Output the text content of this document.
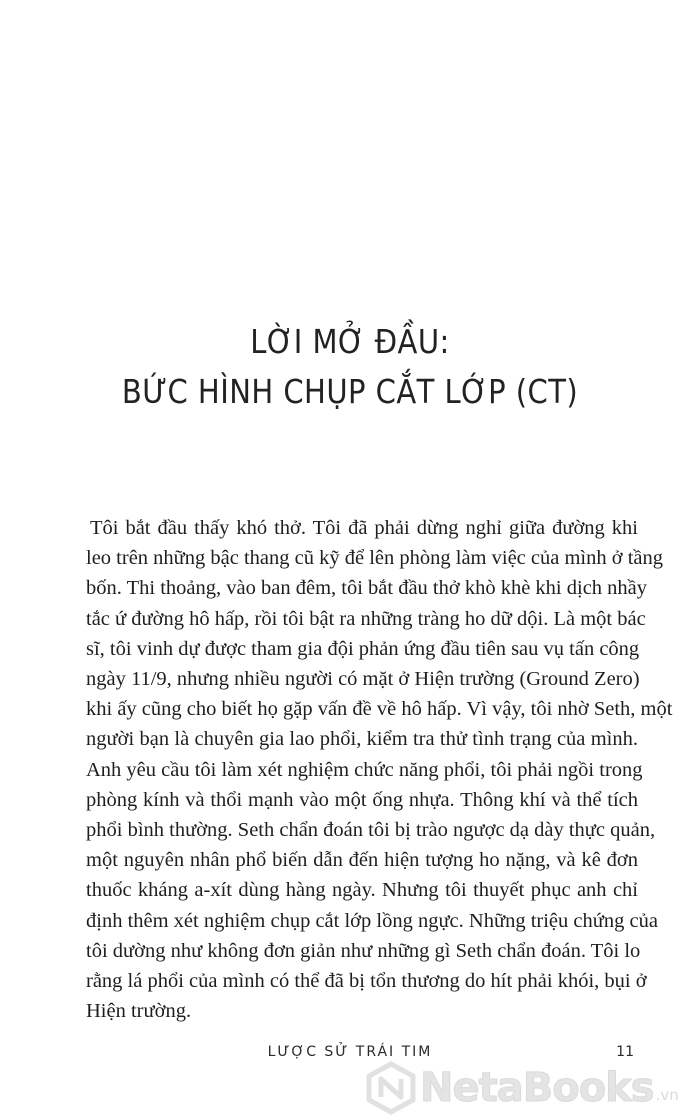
LỜI MỞ ĐẦU:
BỨC HÌNH CHỤP CẮT LỚP (CT)
Tôi bắt đầu thấy khó thở. Tôi đã phải dừng nghỉ giữa đường khi
leo trên những bậc thang cũ kỹ để lên phòng làm việc của mình ở tầng
bốn. Thi thoảng, vào ban đêm, tôi bắt đầu thở khò khè khi dịch nhầy
tắc ứ đường hô hấp, rồi tôi bật ra những tràng ho dữ dội. Là một bác
sĩ, tôi vinh dự được tham gia đội phản ứng đầu tiên sau vụ tấn công
ngày 11/9, nhưng nhiều người có mặt ở Hiện trường (Ground Zero)
khi ấy cũng cho biết họ gặp vấn đề về hô hấp. Vì vậy, tôi nhờ Seth, một
người bạn là chuyên gia lao phổi, kiểm tra thử tình trạng của mình.
Anh yêu cầu tôi làm xét nghiệm chức năng phổi, tôi phải ngồi trong
phòng kính và thổi mạnh vào một ống nhựa. Thông khí và thể tích
phổi bình thường. Seth chẩn đoán tôi bị trào ngược dạ dày thực quản,
một nguyên nhân phổ biến dẫn đến hiện tượng ho nặng, và kê đơn
thuốc kháng a-xít dùng hàng ngày. Nhưng tôi thuyết phục anh chỉ
định thêm xét nghiệm chụp cắt lớp lồng ngực. Những triệu chứng của
tôi dường như không đơn giản như những gì Seth chẩn đoán. Tôi lo
rằng lá phổi của mình có thể đã bị tổn thương do hít phải khói, bụi ở
Hiện trường.
LƯỢC SỬ TRÁI TIM	11
NetaBooks .vn
